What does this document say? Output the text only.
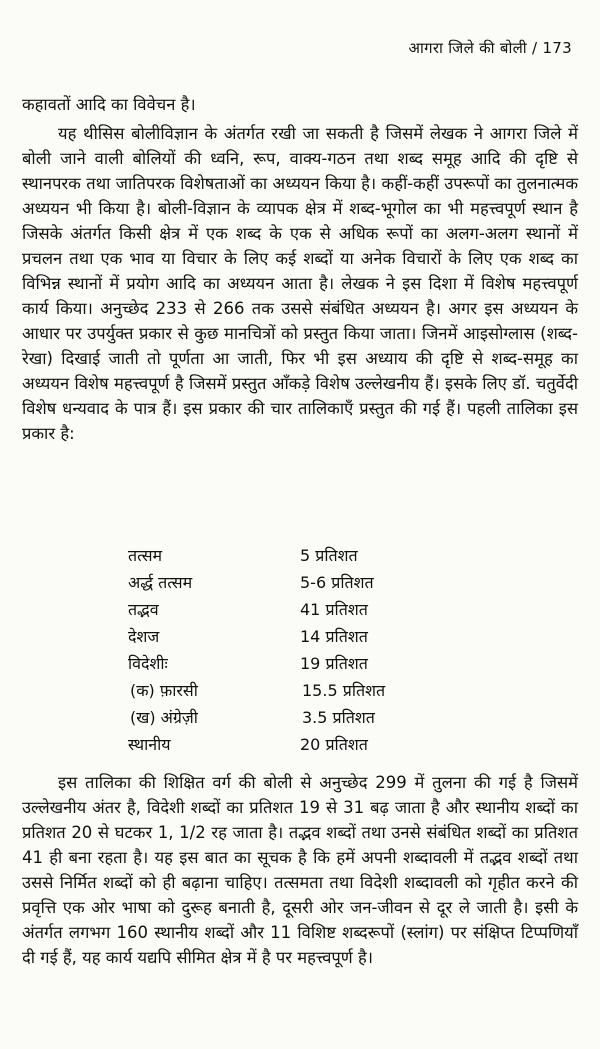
आगरा जिले की बोली / 173
कहावतों आदि का विवेचन है।
यह थीसिस बोलीविज्ञान के अंतर्गत रखी जा सकती है जिसमें लेखक ने आगरा जिले में बोली जाने वाली बोलियों की ध्वनि, रूप, वाक्य-गठन तथा शब्द समूह आदि की दृष्टि से स्थानपरक तथा जातिपरक विशेषताओं का अध्ययन किया है। कहीं-कहीं उपरूपों का तुलनात्मक अध्ययन भी किया है। बोली-विज्ञान के व्यापक क्षेत्र में शब्द-भूगोल का भी महत्त्वपूर्ण स्थान है जिसके अंतर्गत किसी क्षेत्र में एक शब्द के एक से अधिक रूपों का अलग-अलग स्थानों में प्रचलन तथा एक भाव या विचार के लिए कई शब्दों या अनेक विचारों के लिए एक शब्द का विभिन्न स्थानों में प्रयोग आदि का अध्ययन आता है। लेखक ने इस दिशा में विशेष महत्त्वपूर्ण कार्य किया। अनुच्छेद 233 से 266 तक उससे संबंधित अध्ययन है। अगर इस अध्ययन के आधार पर उपर्युक्त प्रकार से कुछ मानचित्रों को प्रस्तुत किया जाता। जिनमें आइसोग्लास (शब्द-रेखा) दिखाई जाती तो पूर्णता आ जाती, फिर भी इस अध्याय की दृष्टि से शब्द-समूह का अध्ययन विशेष महत्त्वपूर्ण है जिसमें प्रस्तुत आँकड़े विशेष उल्लेखनीय हैं। इसके लिए डॉ. चतुर्वेदी विशेष धन्यवाद के पात्र हैं। इस प्रकार की चार तालिकाएँ प्रस्तुत की गई हैं। पहली तालिका इस प्रकार है:
तत्सम	5 प्रतिशत
अर्द्ध तत्सम	5-6 प्रतिशत
तद्भव	41 प्रतिशत
देशज	14 प्रतिशत
विदेशीः	19 प्रतिशत
(क) फ़ारसी	15.5 प्रतिशत
(ख) अंग्रेज़ी	3.5 प्रतिशत
स्थानीय	20 प्रतिशत
इस तालिका की शिक्षित वर्ग की बोली से अनुच्छेद 299 में तुलना की गई है जिसमें उल्लेखनीय अंतर है, विदेशी शब्दों का प्रतिशत 19 से 31 बढ़ जाता है और स्थानीय शब्दों का प्रतिशत 20 से घटकर 1, 1/2 रह जाता है। तद्भव शब्दों तथा उनसे संबंधित शब्दों का प्रतिशत 41 ही बना रहता है। यह इस बात का सूचक है कि हमें अपनी शब्दावली में तद्भव शब्दों तथा उससे निर्मित शब्दों को ही बढ़ाना चाहिए। तत्समता तथा विदेशी शब्दावली को गृहीत करने की प्रवृत्ति एक ओर भाषा को दुरूह बनाती है, दूसरी ओर जन-जीवन से दूर ले जाती है। इसी के अंतर्गत लगभग 160 स्थानीय शब्दों और 11 विशिष्ट शब्दरूपों (स्लांग) पर संक्षिप्त टिप्पणियाँ दी गई हैं, यह कार्य यद्यपि सीमित क्षेत्र में है पर महत्त्वपूर्ण है।
